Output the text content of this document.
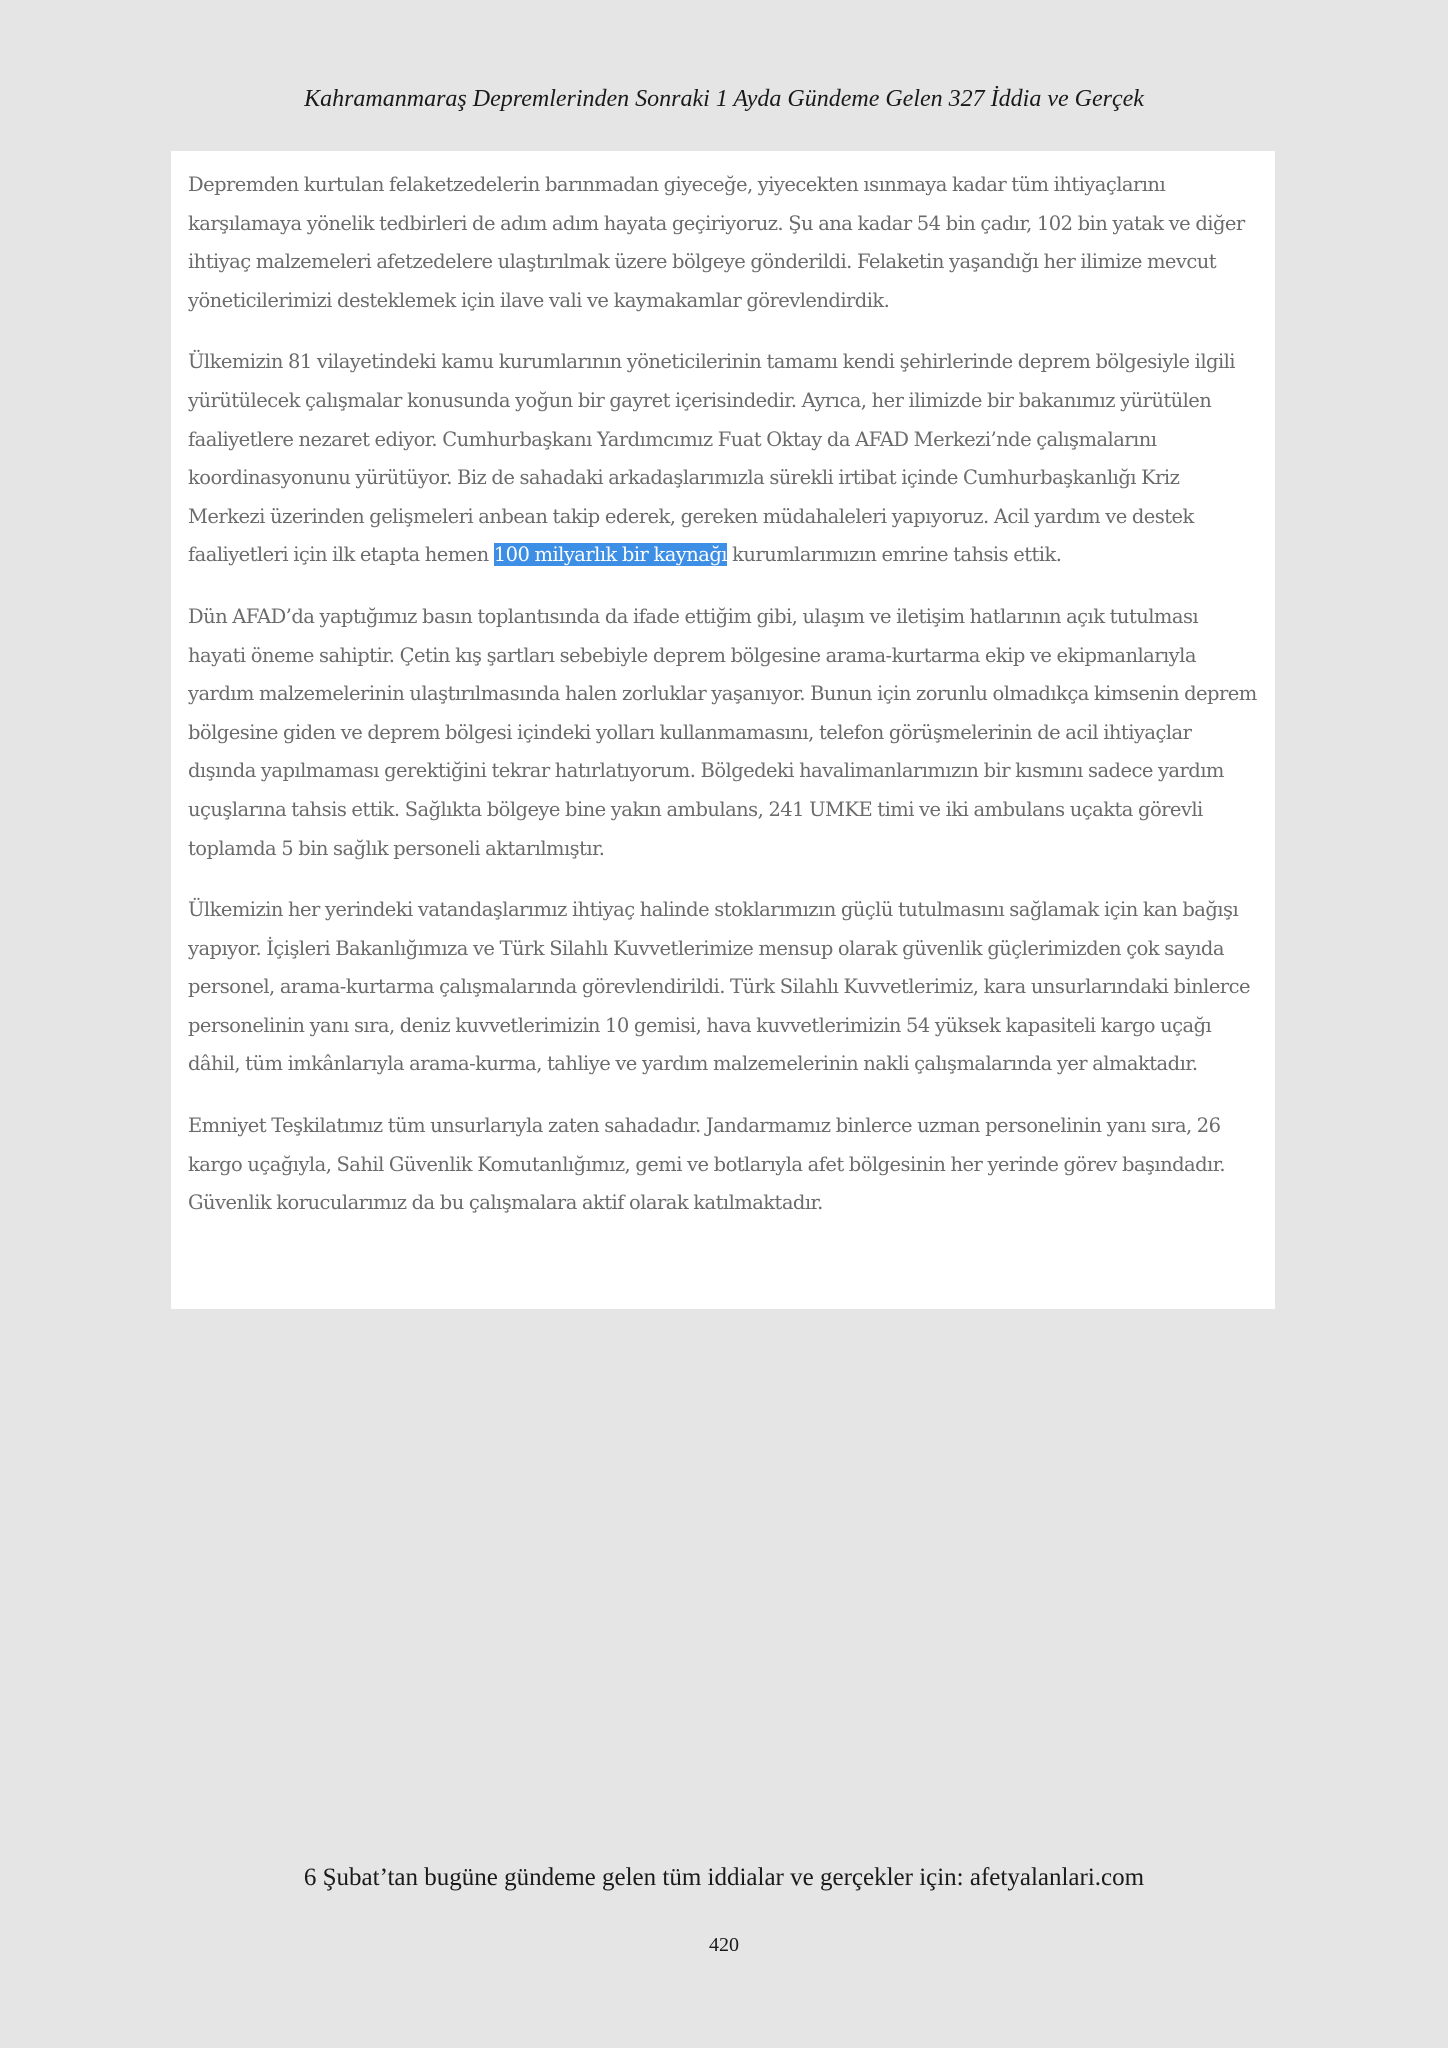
Kahramanmaraş Depremlerinden Sonraki 1 Ayda Gündeme Gelen 327 İddia ve Gerçek

Depremden kurtulan felaketzedelerin barınmadan giyeceğe, yiyecekten ısınmaya kadar tüm ihtiyaçlarını karşılamaya yönelik tedbirleri de adım adım hayata geçiriyoruz. Şu ana kadar 54 bin çadır, 102 bin yatak ve diğer ihtiyaç malzemeleri afetzedelere ulaştırılmak üzere bölgeye gönderildi. Felaketin yaşandığı her ilimize mevcut yöneticilerimizi desteklemek için ilave vali ve kaymakamlar görevlendirdik.

Ülkemizin 81 vilayetindeki kamu kurumlarının yöneticilerinin tamamı kendi şehirlerinde deprem bölgesiyle ilgili yürütülecek çalışmalar konusunda yoğun bir gayret içerisindedir. Ayrıca, her ilimizde bir bakanımız yürütülen faaliyetlere nezaret ediyor. Cumhurbaşkanı Yardımcımız Fuat Oktay da AFAD Merkezi’nde çalışmalarını koordinasyonunu yürütüyor. Biz de sahadaki arkadaşlarımızla sürekli irtibat içinde Cumhurbaşkanlığı Kriz Merkezi üzerinden gelişmeleri anbean takip ederek, gereken müdahaleleri yapıyoruz. Acil yardım ve destek faaliyetleri için ilk etapta hemen 100 milyarlık bir kaynağı kurumlarımızın emrine tahsis ettik.

Dün AFAD’da yaptığımız basın toplantısında da ifade ettiğim gibi, ulaşım ve iletişim hatlarının açık tutulması hayati öneme sahiptir. Çetin kış şartları sebebiyle deprem bölgesine arama-kurtarma ekip ve ekipmanlarıyla yardım malzemelerinin ulaştırılmasında halen zorluklar yaşanıyor. Bunun için zorunlu olmadıkça kimsenin deprem bölgesine giden ve deprem bölgesi içindeki yolları kullanmamasını, telefon görüşmelerinin de acil ihtiyaçlar dışında yapılmaması gerektiğini tekrar hatırlatıyorum. Bölgedeki havalimanlarımızın bir kısmını sadece yardım uçuşlarına tahsis ettik. Sağlıkta bölgeye bine yakın ambulans, 241 UMKE timi ve iki ambulans uçakta görevli toplamda 5 bin sağlık personeli aktarılmıştır.

Ülkemizin her yerindeki vatandaşlarımız ihtiyaç halinde stoklarımızın güçlü tutulmasını sağlamak için kan bağışı yapıyor. İçişleri Bakanlığımıza ve Türk Silahlı Kuvvetlerimize mensup olarak güvenlik güçlerimizden çok sayıda personel, arama-kurtarma çalışmalarında görevlendirildi. Türk Silahlı Kuvvetlerimiz, kara unsurlarındaki binlerce personelinin yanı sıra, deniz kuvvetlerimizin 10 gemisi, hava kuvvetlerimizin 54 yüksek kapasiteli kargo uçağı dâhil, tüm imkânlarıyla arama-kurma, tahliye ve yardım malzemelerinin nakli çalışmalarında yer almaktadır.

Emniyet Teşkilatımız tüm unsurlarıyla zaten sahadadır. Jandarmamız binlerce uzman personelinin yanı sıra, 26 kargo uçağıyla, Sahil Güvenlik Komutanlığımız, gemi ve botlarıyla afet bölgesinin her yerinde görev başındadır. Güvenlik korucularımız da bu çalışmalara aktif olarak katılmaktadır.

6 Şubat’tan bugüne gündeme gelen tüm iddialar ve gerçekler için: afetyalanlari.com
420
